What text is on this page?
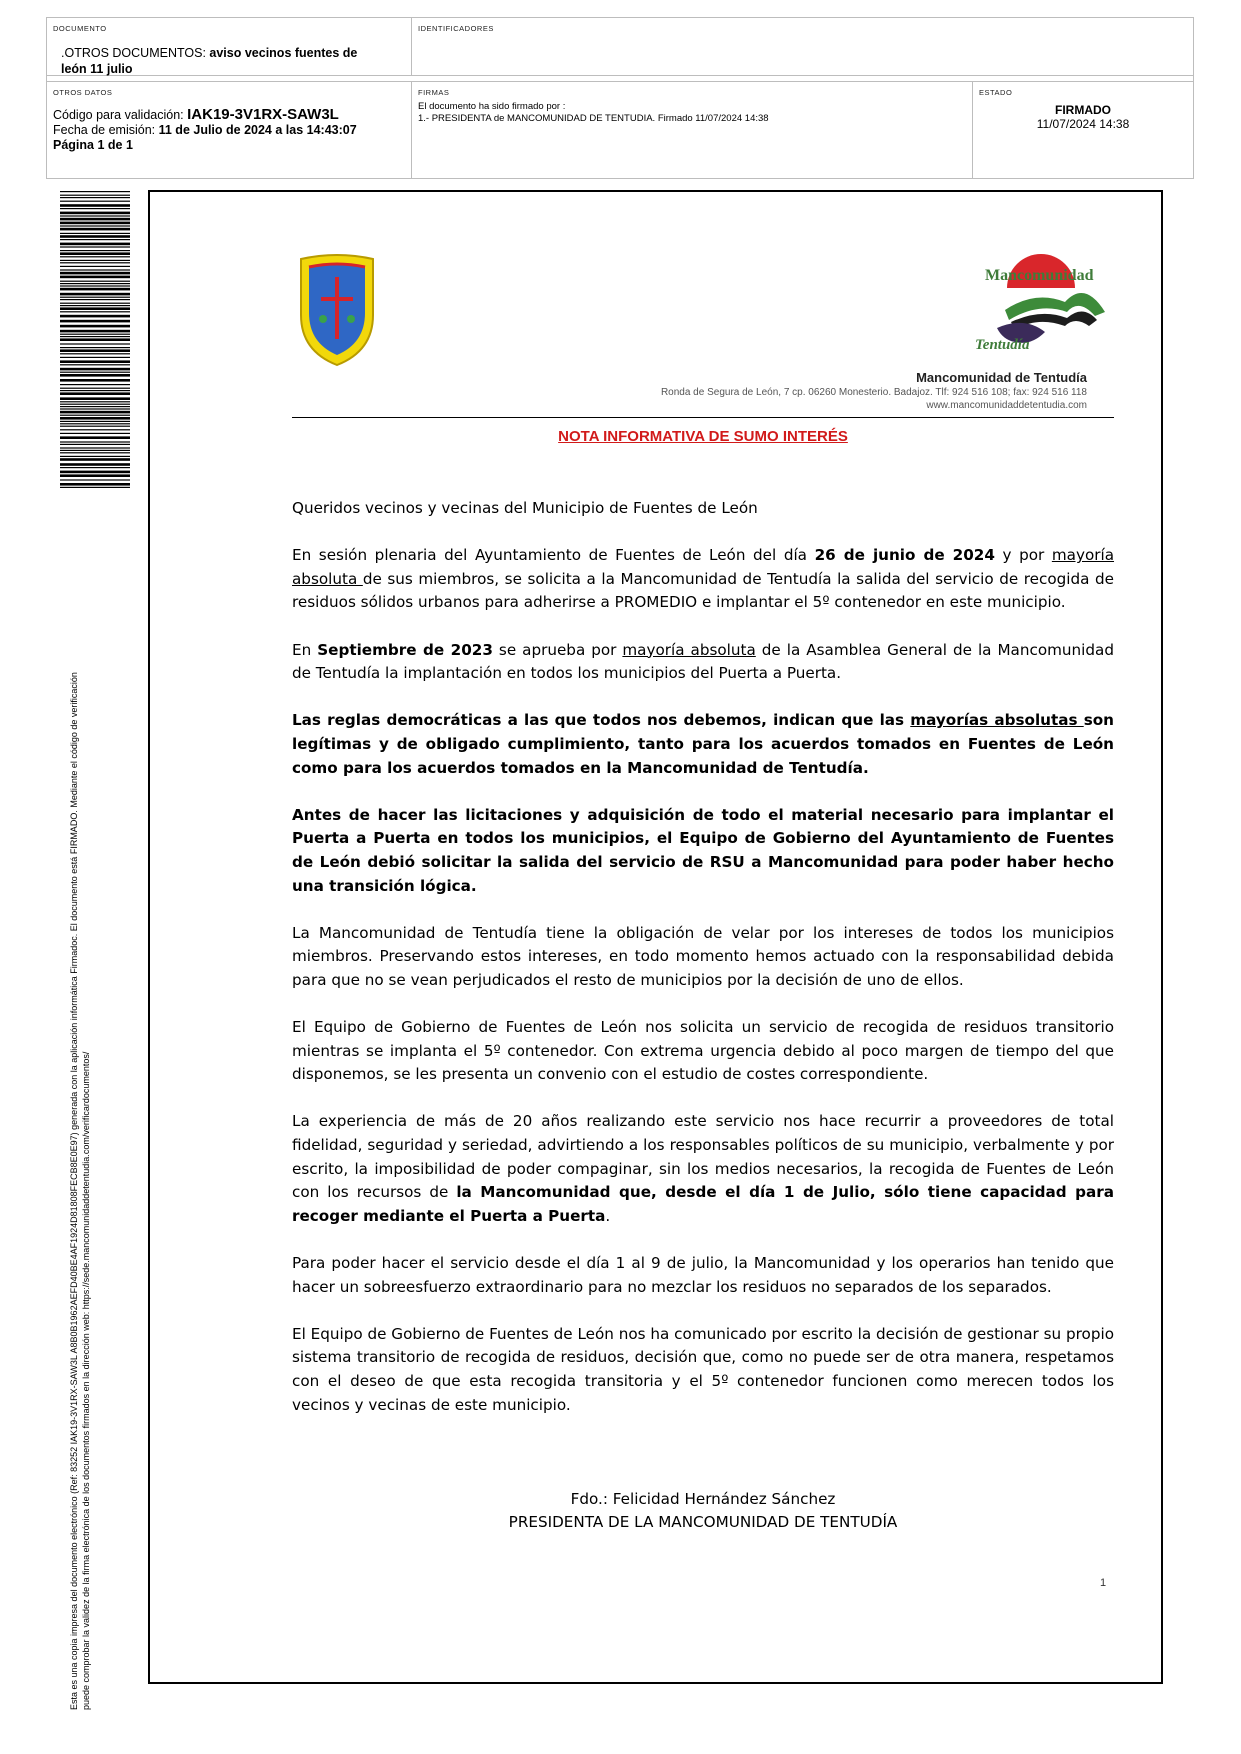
DOCUMENTO
.OTROS DOCUMENTOS: aviso vecinos fuentes de
león 11 julio
IDENTIFICADORES
OTROS DATOS
Código para validación: IAK19-3V1RX-SAW3L
Fecha de emisión: 11 de Julio de 2024 a las 14:43:07
Página 1 de 1
FIRMAS
El documento ha sido firmado por :
1.- PRESIDENTA de MANCOMUNIDAD DE TENTUDIA. Firmado 11/07/2024 14:38
ESTADO
FIRMADO
11/07/2024 14:38
Esta es una copia impresa del documento electrónico (Ref: 83252 IAK19-3V1RX-SAW3L A8B0B1962AEFD40BE4AF1924D81808FECB8E0E97) generada con la aplicación informática Firmadoc. El documento está FIRMADO. Mediante el código de verificación puede comprobar la validez de la firma electrónica de los documentos firmados en la dirección web: https://sede.mancomunidaddetentudia.com/verificardocumentos/
Mancomunidad
Tentudía
Mancomunidad de Tentudía
Ronda de Segura de León, 7 cp. 06260 Monesterio. Badajoz. Tlf: 924 516 108; fax: 924 516 118
www.mancomunidaddetentudia.com
NOTA INFORMATIVA DE SUMO INTERÉS

Queridos vecinos y vecinas del Municipio de Fuentes de León

En sesión plenaria del Ayuntamiento de Fuentes de León del día 26 de junio de 2024 y por mayoría absoluta de sus miembros, se solicita a la Mancomunidad de Tentudía la salida del servicio de recogida de residuos sólidos urbanos para adherirse a PROMEDIO e implantar el 5º contenedor en este municipio.

En Septiembre de 2023 se aprueba por mayoría absoluta de la Asamblea General de la Mancomunidad de Tentudía la implantación en todos los municipios del Puerta a Puerta.

Las reglas democráticas a las que todos nos debemos, indican que las mayorías absolutas son legítimas y de obligado cumplimiento, tanto para los acuerdos tomados en Fuentes de León como para los acuerdos tomados en la Mancomunidad de Tentudía.

Antes de hacer las licitaciones y adquisición de todo el material necesario para implantar el Puerta a Puerta en todos los municipios, el Equipo de Gobierno del Ayuntamiento de Fuentes de León debió solicitar la salida del servicio de RSU a Mancomunidad para poder haber hecho una transición lógica.

La Mancomunidad de Tentudía tiene la obligación de velar por los intereses de todos los municipios miembros. Preservando estos intereses, en todo momento hemos actuado con la responsabilidad debida para que no se vean perjudicados el resto de municipios por la decisión de uno de ellos.

El Equipo de Gobierno de Fuentes de León nos solicita un servicio de recogida de residuos transitorio mientras se implanta el 5º contenedor. Con extrema urgencia debido al poco margen de tiempo del que disponemos, se les presenta un convenio con el estudio de costes correspondiente.

La experiencia de más de 20 años realizando este servicio nos hace recurrir a proveedores de total fidelidad, seguridad y seriedad, advirtiendo a los responsables políticos de su municipio, verbalmente y por escrito, la imposibilidad de poder compaginar, sin los medios necesarios, la recogida de Fuentes de León con los recursos de la Mancomunidad que, desde el día 1 de Julio, sólo tiene capacidad para recoger mediante el Puerta a Puerta.

Para poder hacer el servicio desde el día 1 al 9 de julio, la Mancomunidad y los operarios han tenido que hacer un sobreesfuerzo extraordinario para no mezclar los residuos no separados de los separados.

El Equipo de Gobierno de Fuentes de León nos ha comunicado por escrito la decisión de gestionar su propio sistema transitorio de recogida de residuos, decisión que, como no puede ser de otra manera, respetamos con el deseo de que esta recogida transitoria y el 5º contenedor funcionen como merecen todos los vecinos y vecinas de este municipio.

Fdo.: Felicidad Hernández Sánchez
PRESIDENTA DE LA MANCOMUNIDAD DE TENTUDÍA
1
